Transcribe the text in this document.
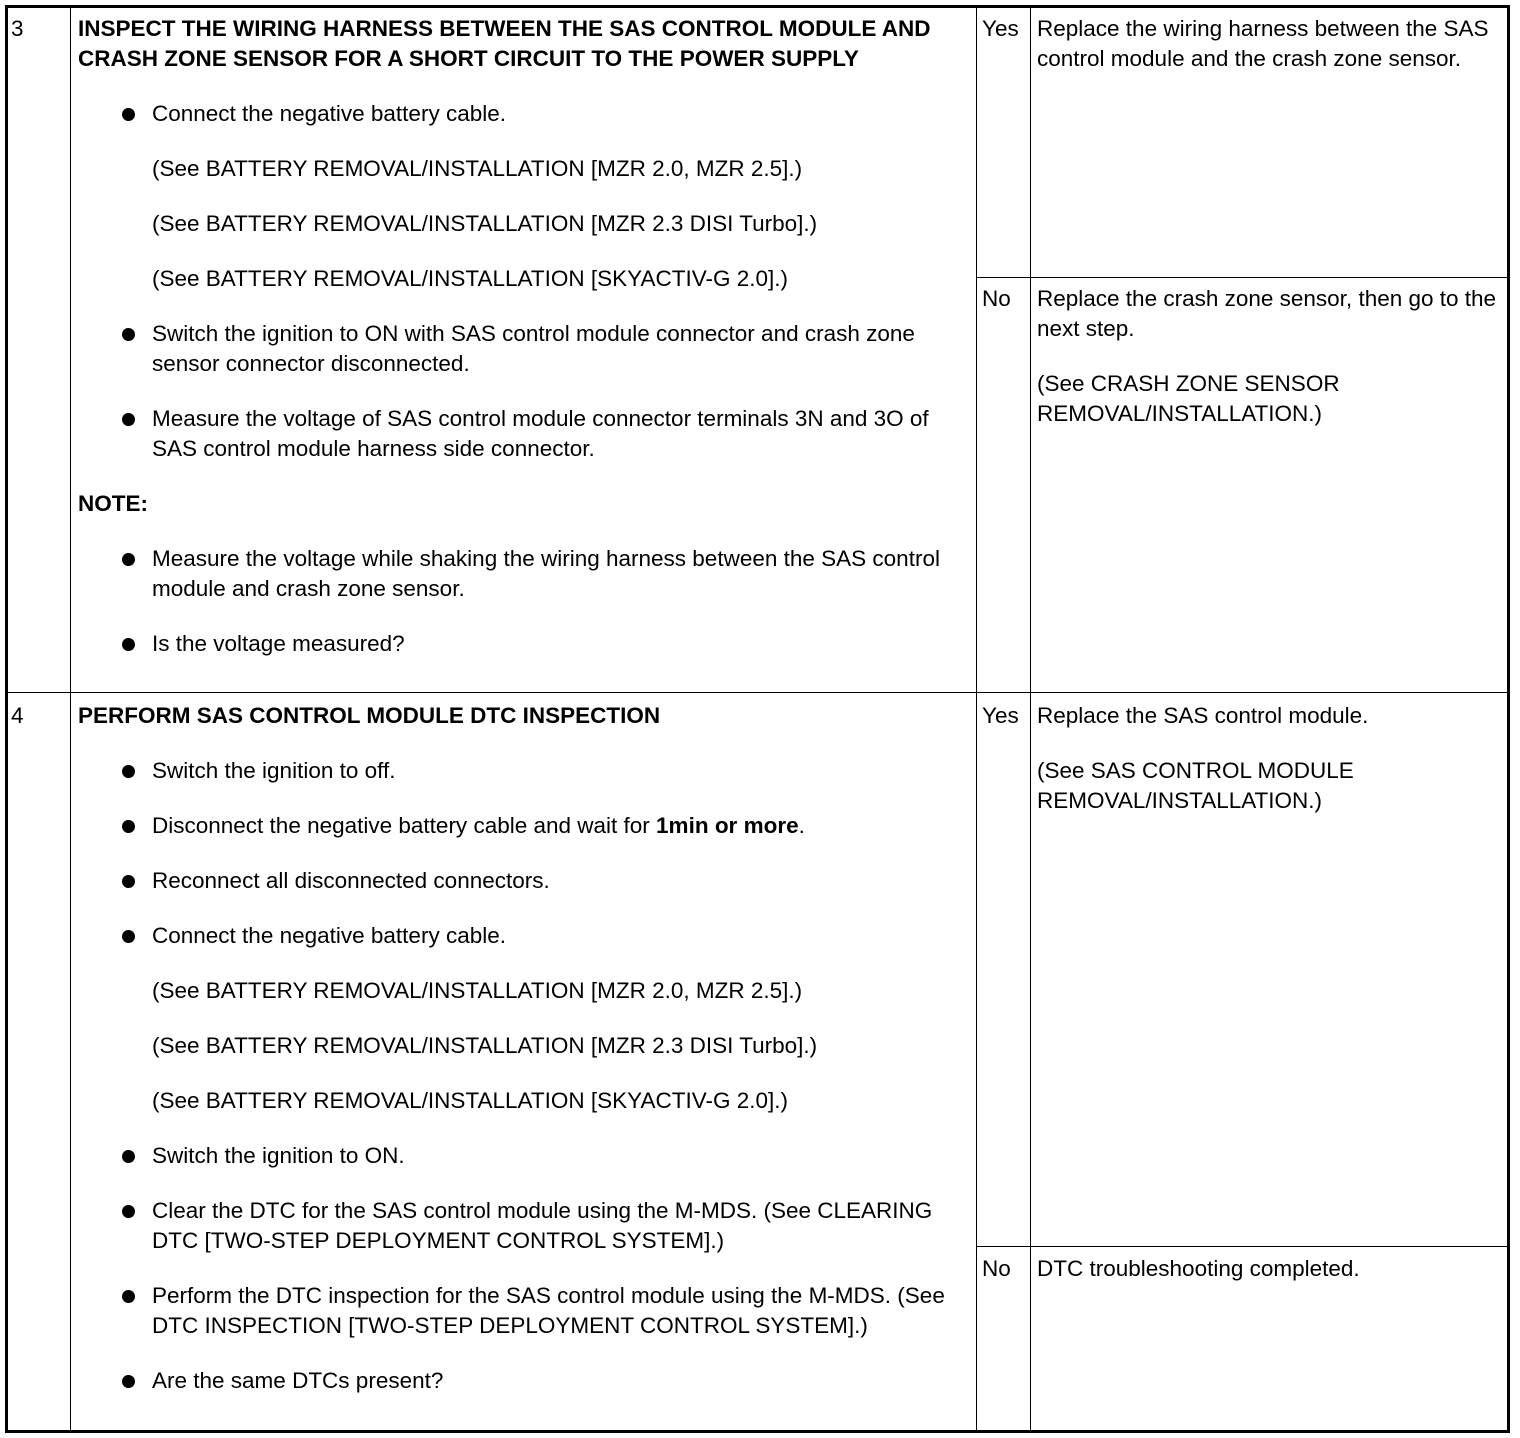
3 INSPECT THE WIRING HARNESS BETWEEN THE SAS CONTROL MODULE AND CRASH ZONE SENSOR FOR A SHORT CIRCUIT TO THE POWER SUPPLY
Connect the negative battery cable.
(See BATTERY REMOVAL/INSTALLATION [MZR 2.0, MZR 2.5].)
(See BATTERY REMOVAL/INSTALLATION [MZR 2.3 DISI Turbo].)
(See BATTERY REMOVAL/INSTALLATION [SKYACTIV-G 2.0].)
Switch the ignition to ON with SAS control module connector and crash zone sensor connector disconnected.
Measure the voltage of SAS control module connector terminals 3N and 3O of SAS control module harness side connector.
NOTE:
Measure the voltage while shaking the wiring harness between the SAS control module and crash zone sensor.
Is the voltage measured?
Yes Replace the wiring harness between the SAS control module and the crash zone sensor.
No Replace the crash zone sensor, then go to the next step.
(See CRASH ZONE SENSOR REMOVAL/INSTALLATION.)
4 PERFORM SAS CONTROL MODULE DTC INSPECTION
Switch the ignition to off.
Disconnect the negative battery cable and wait for 1min or more.
Reconnect all disconnected connectors.
Connect the negative battery cable.
(See BATTERY REMOVAL/INSTALLATION [MZR 2.0, MZR 2.5].)
(See BATTERY REMOVAL/INSTALLATION [MZR 2.3 DISI Turbo].)
(See BATTERY REMOVAL/INSTALLATION [SKYACTIV-G 2.0].)
Switch the ignition to ON.
Clear the DTC for the SAS control module using the M-MDS. (See CLEARING DTC [TWO-STEP DEPLOYMENT CONTROL SYSTEM].)
Perform the DTC inspection for the SAS control module using the M-MDS. (See DTC INSPECTION [TWO-STEP DEPLOYMENT CONTROL SYSTEM].)
Are the same DTCs present?
Yes Replace the SAS control module.
(See SAS CONTROL MODULE REMOVAL/INSTALLATION.)
No DTC troubleshooting completed.
